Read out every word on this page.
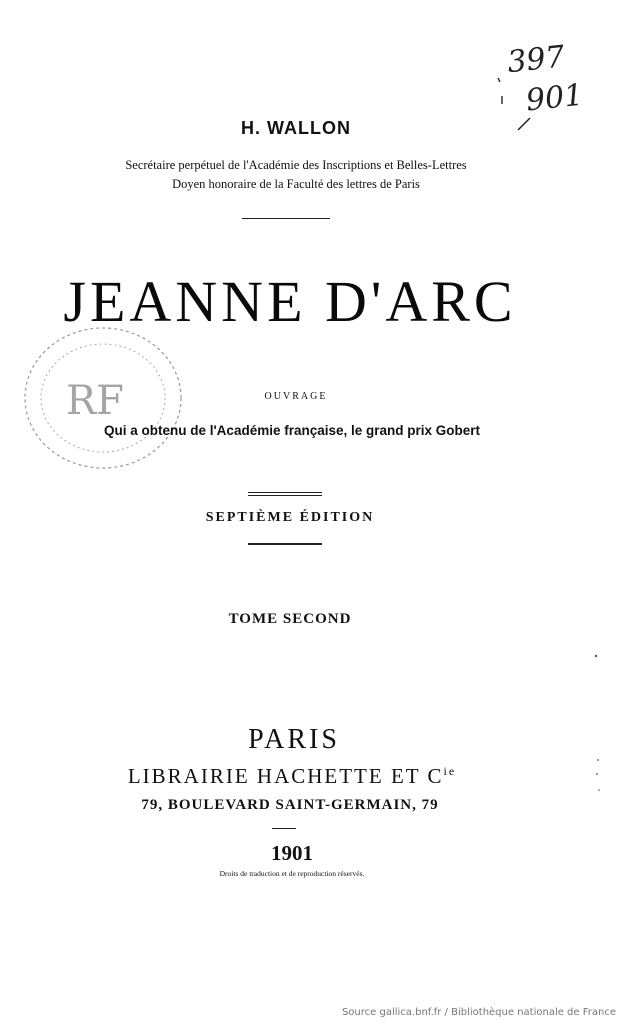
397
901
H. WALLON
Secrétaire perpétuel de l'Académie des Inscriptions et Belles-Lettres
Doyen honoraire de la Faculté des lettres de Paris
JEANNE D'ARC
RF	OUVRAGE
Qui a obtenu de l'Académie française, le grand prix Gobert
SEPTIÈME ÉDITION
TOME SECOND
PARIS
LIBRAIRIE HACHETTE ET $C^{ie}$
79, BOULEVARD SAINT-GERMAIN, 79
1901
Droits de traduction et de reproduction réservés.
Source gallica.bnf.fr / Bibliothèque nationale de France
